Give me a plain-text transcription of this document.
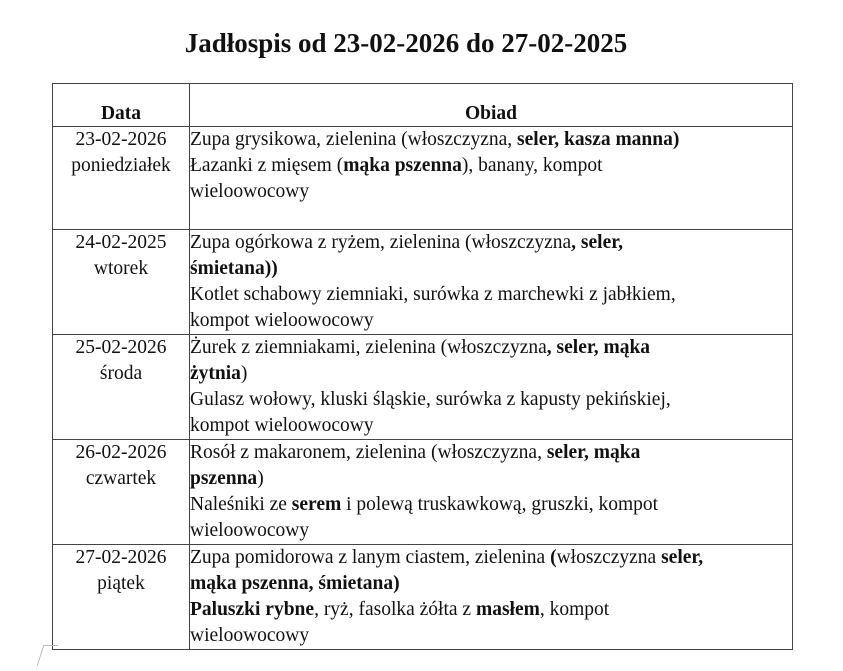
Jadłospis od 23-02-2026 do 27-02-2025
Data	Obiad

23-02-2026
poniedziałek	Zupa grysikowa, zielenina (włoszczyzna, seler, kasza manna)
Łazanki z mięsem (mąka pszenna), banany, kompot
wieloowocowy

24-02-2025
wtorek	Zupa ogórkowa z ryżem, zielenina (włoszczyzna, seler,
śmietana))
Kotlet schabowy ziemniaki, surówka z marchewki z jabłkiem,
kompot wieloowocowy

25-02-2026
środa	Żurek z ziemniakami, zielenina (włoszczyzna, seler, mąka
żytnia)
Gulasz wołowy, kluski śląskie, surówka z kapusty pekińskiej,
kompot wieloowocowy

26-02-2026
czwartek	Rosół z makaronem, zielenina (włoszczyzna, seler, mąka
pszenna)
Naleśniki ze serem i polewą truskawkową, gruszki, kompot
wieloowocowy

27-02-2026
piątek	Zupa pomidorowa z lanym ciastem, zielenina (włoszczyzna seler,
mąka pszenna, śmietana)
Paluszki rybne, ryż, fasolka żółta z masłem, kompot
wieloowocowy
